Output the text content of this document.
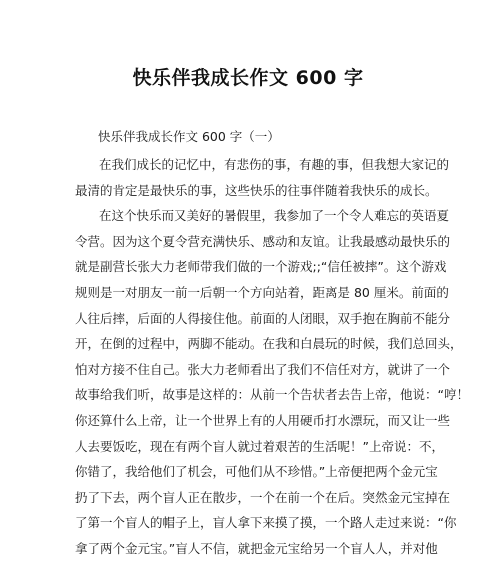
快乐伴我成长作文 600 字

快乐伴我成长作文 600 字（一）

在我们成长的记忆中，有悲伤的事，有趣的事，但我想大家记的
最清的肯定是最快乐的事，这些快乐的往事伴随着我快乐的成长。
在这个快乐而又美好的暑假里，我参加了一个令人难忘的英语夏
令营。因为这个夏令营充满快乐、感动和友谊。让我最感动最快乐的
就是副营长张大力老师带我们做的一个游戏;;“信任被摔”。这个游戏
规则是一对朋友一前一后朝一个方向站着，距离是 80 厘米。前面的
人往后摔，后面的人得接住他。前面的人闭眼，双手抱在胸前不能分
开，在倒的过程中，两脚不能动。在我和白晨玩的时候，我们总回头，
怕对方接不住自己。张大力老师看出了我们不信任对方，就讲了一个
故事给我们听，故事是这样的：从前一个告状者去告上帝，他说：“哼！
你还算什么上帝，让一个世界上有的人用硬币打水漂玩，而又让一些
人去要饭吃，现在有两个盲人就过着艰苦的生活呢！”上帝说：不，
你错了，我给他们了机会，可他们从不珍惜。”上帝便把两个金元宝
扔了下去，两个盲人正在散步，一个在前一个在后。突然金元宝掉在
了第一个盲人的帽子上，盲人拿下来摸了摸，一个路人走过来说：“你
拿了两个金元宝。”盲人不信，就把金元宝给另一个盲人人，并对他
